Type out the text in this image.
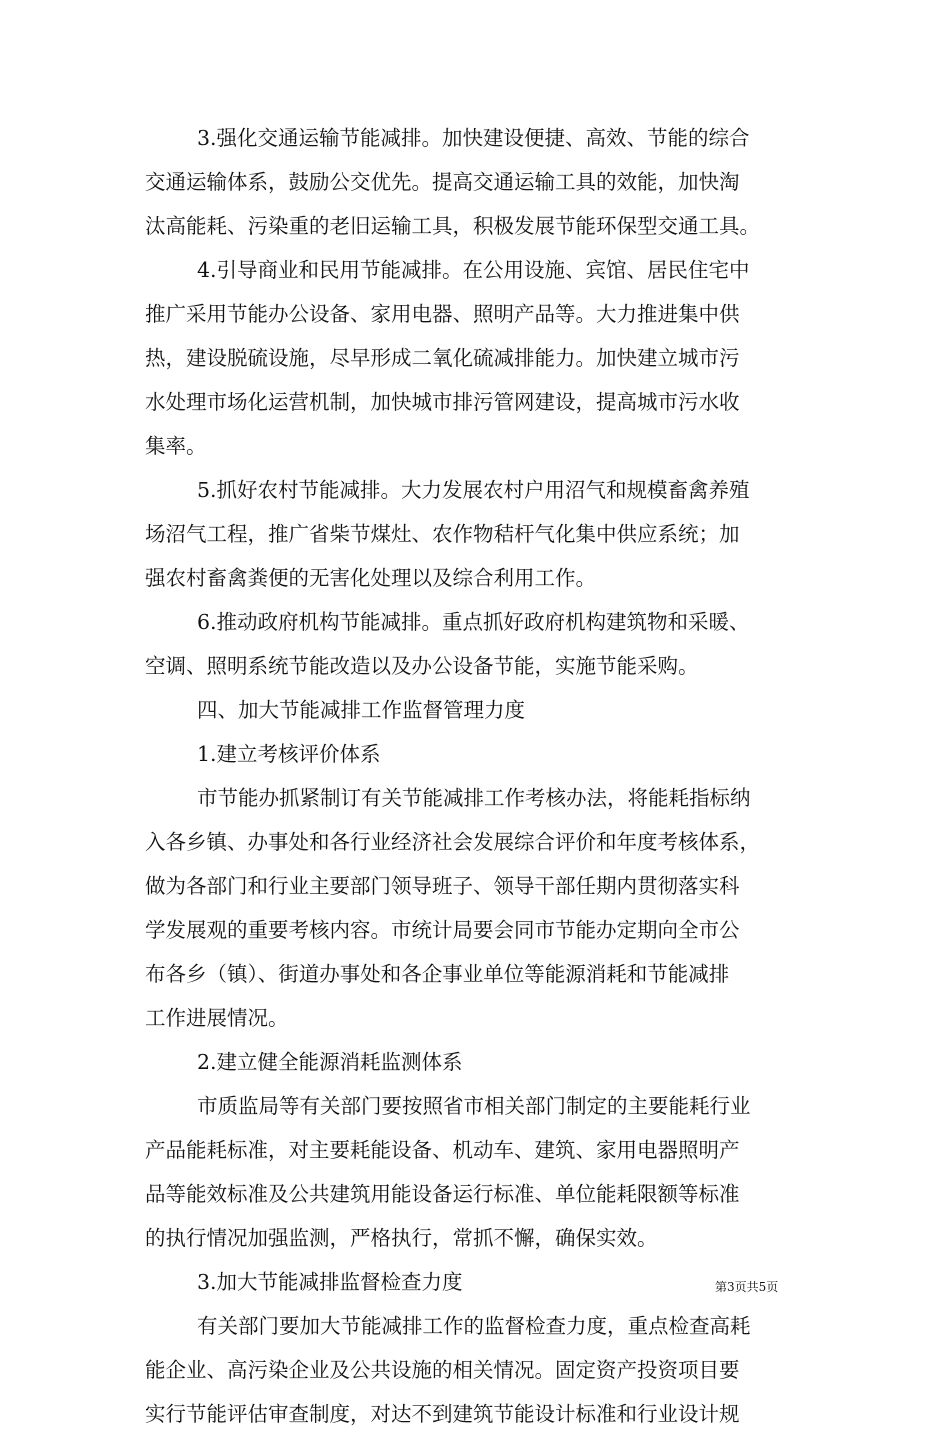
3.强化交通运输节能减排。加快建设便捷、高效、节能的综合
交通运输体系，鼓励公交优先。提高交通运输工具的效能，加快淘
汰高能耗、污染重的老旧运输工具，积极发展节能环保型交通工具。
4.引导商业和民用节能减排。在公用设施、宾馆、居民住宅中
推广采用节能办公设备、家用电器、照明产品等。大力推进集中供
热，建设脱硫设施，尽早形成二氧化硫减排能力。加快建立城市污
水处理市场化运营机制，加快城市排污管网建设，提高城市污水收
集率。
5.抓好农村节能减排。大力发展农村户用沼气和规模畜禽养殖
场沼气工程，推广省柴节煤灶、农作物秸杆气化集中供应系统；加
强农村畜禽粪便的无害化处理以及综合利用工作。
6.推动政府机构节能减排。重点抓好政府机构建筑物和采暖、
空调、照明系统节能改造以及办公设备节能，实施节能采购。
四、加大节能减排工作监督管理力度
1.建立考核评价体系
市节能办抓紧制订有关节能减排工作考核办法，将能耗指标纳
入各乡镇、办事处和各行业经济社会发展综合评价和年度考核体系，
做为各部门和行业主要部门领导班子、领导干部任期内贯彻落实科
学发展观的重要考核内容。市统计局要会同市节能办定期向全市公
布各乡（镇）、街道办事处和各企事业单位等能源消耗和节能减排
工作进展情况。
2.建立健全能源消耗监测体系
市质监局等有关部门要按照省市相关部门制定的主要能耗行业
产品能耗标准，对主要耗能设备、机动车、建筑、家用电器照明产
品等能效标准及公共建筑用能设备运行标准、单位能耗限额等标准
的执行情况加强监测，严格执行，常抓不懈，确保实效。
3.加大节能减排监督检查力度
有关部门要加大节能减排工作的监督检查力度，重点检查高耗
能企业、高污染企业及公共设施的相关情况。固定资产投资项目要
实行节能评估审查制度，对达不到建筑节能设计标准和行业设计规
第3页共5页
